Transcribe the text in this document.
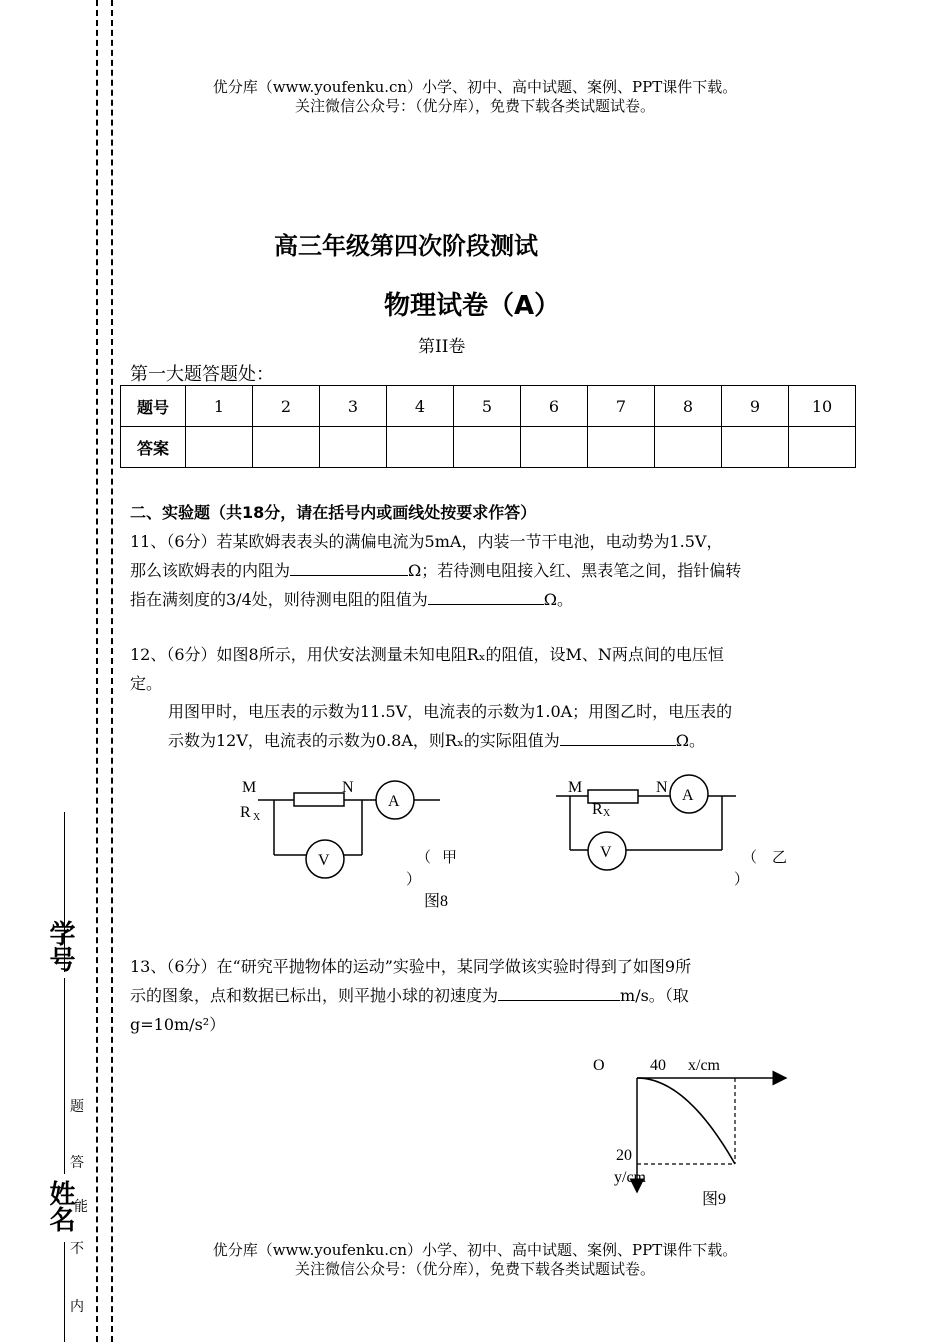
学号
姓名
内
不
能
答
题
优分库（www.youfenku.cn）小学、初中、高中试题、案例、PPT课件下载。
关注微信公众号：（优分库），免费下载各类试题试卷。
高三年级第四次阶段测试
物理试卷（A）
第II卷
第一大题答题处：
题号	1	2	3	4	5	6	7	8	9	10
答案										
二、实验题（共18分，请在括号内或画线处按要求作答）
11、（6分）若某欧姆表表头的满偏电流为5mA，内装一节干电池，电动势为1.5V，
那么该欧姆表的内阻为	Ω；若待测电阻接入红、黑表笔之间，指针偏转
指在满刻度的3/4处，则待测电阻的阻值为	Ω。
12、（6分）如图8所示，用伏安法测量未知电阻Rₓ的阻值，设M、N两点间的电压恒
定。
用图甲时，电压表的示数为11.5V，电流表的示数为1.0A；用图乙时，电压表的
示数为12V，电流表的示数为0.8A，则Rₓ的实际阻值为	Ω。
M	N
R X
A
V	（ 甲
）
M	N
R X
A
V	（ 乙
）
图8
13、（6分）在“研究平抛物体的运动”实验中，某同学做该实验时得到了如图9所
示的图象，点和数据已标出，则平抛小球的初速度为	m/s。（取
g=10m/s²）
O	40 x/cm
20
y/cm
图9
优分库（www.youfenku.cn）小学、初中、高中试题、案例、PPT课件下载。
关注微信公众号：（优分库），免费下载各类试题试卷。
